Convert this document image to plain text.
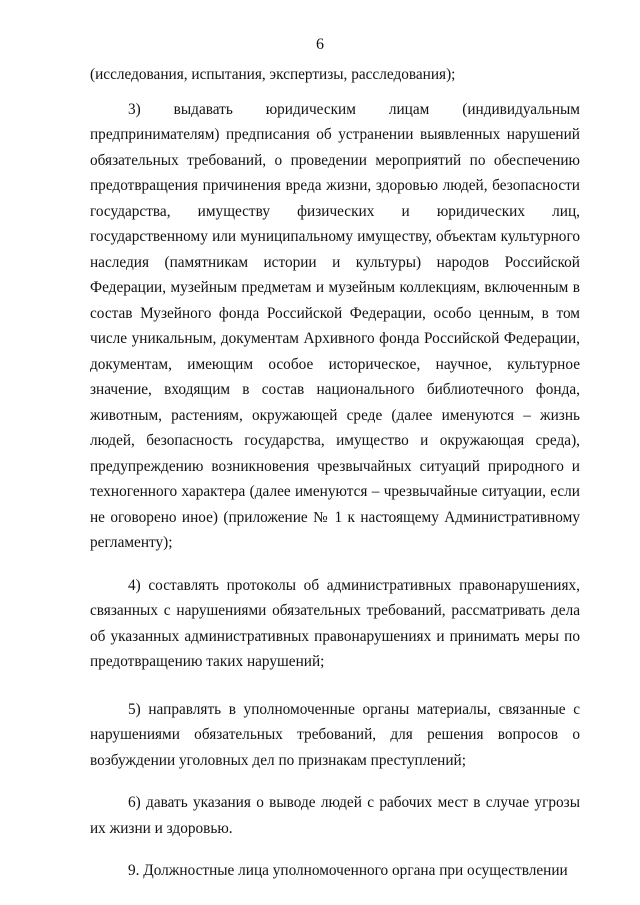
6

(исследования, испытания, экспертизы, расследования);

3) выдавать юридическим лицам (индивидуальным предпринимателям) предписания об устранении выявленных нарушений обязательных требований, о проведении мероприятий по обеспечению предотвращения причинения вреда жизни, здоровью людей, безопасности государства, имуществу физических и юридических лиц, государственному или муниципальному имуществу, объектам культурного наследия (памятникам истории и культуры) народов Российской Федерации, музейным предметам и музейным коллекциям, включенным в состав Музейного фонда Российской Федерации, особо ценным, в том числе уникальным, документам Архивного фонда Российской Федерации, документам, имеющим особое историческое, научное, культурное значение, входящим в состав национального библиотечного фонда, животным, растениям, окружающей среде (далее именуются – жизнь людей, безопасность государства, имущество и окружающая среда), предупреждению возникновения чрезвычайных ситуаций природного и техногенного характера (далее именуются – чрезвычайные ситуации, если не оговорено иное) (приложение № 1 к настоящему Административному регламенту);

4) составлять протоколы об административных правонарушениях, связанных с нарушениями обязательных требований, рассматривать дела об указанных административных правонарушениях и принимать меры по предотвращению таких нарушений;

5) направлять в уполномоченные органы материалы, связанные с нарушениями обязательных требований, для решения вопросов о возбуждении уголовных дел по признакам преступлений;

6) давать указания о выводе людей с рабочих мест в случае угрозы их жизни и здоровью.

9. Должностные лица уполномоченного органа при осуществлении
